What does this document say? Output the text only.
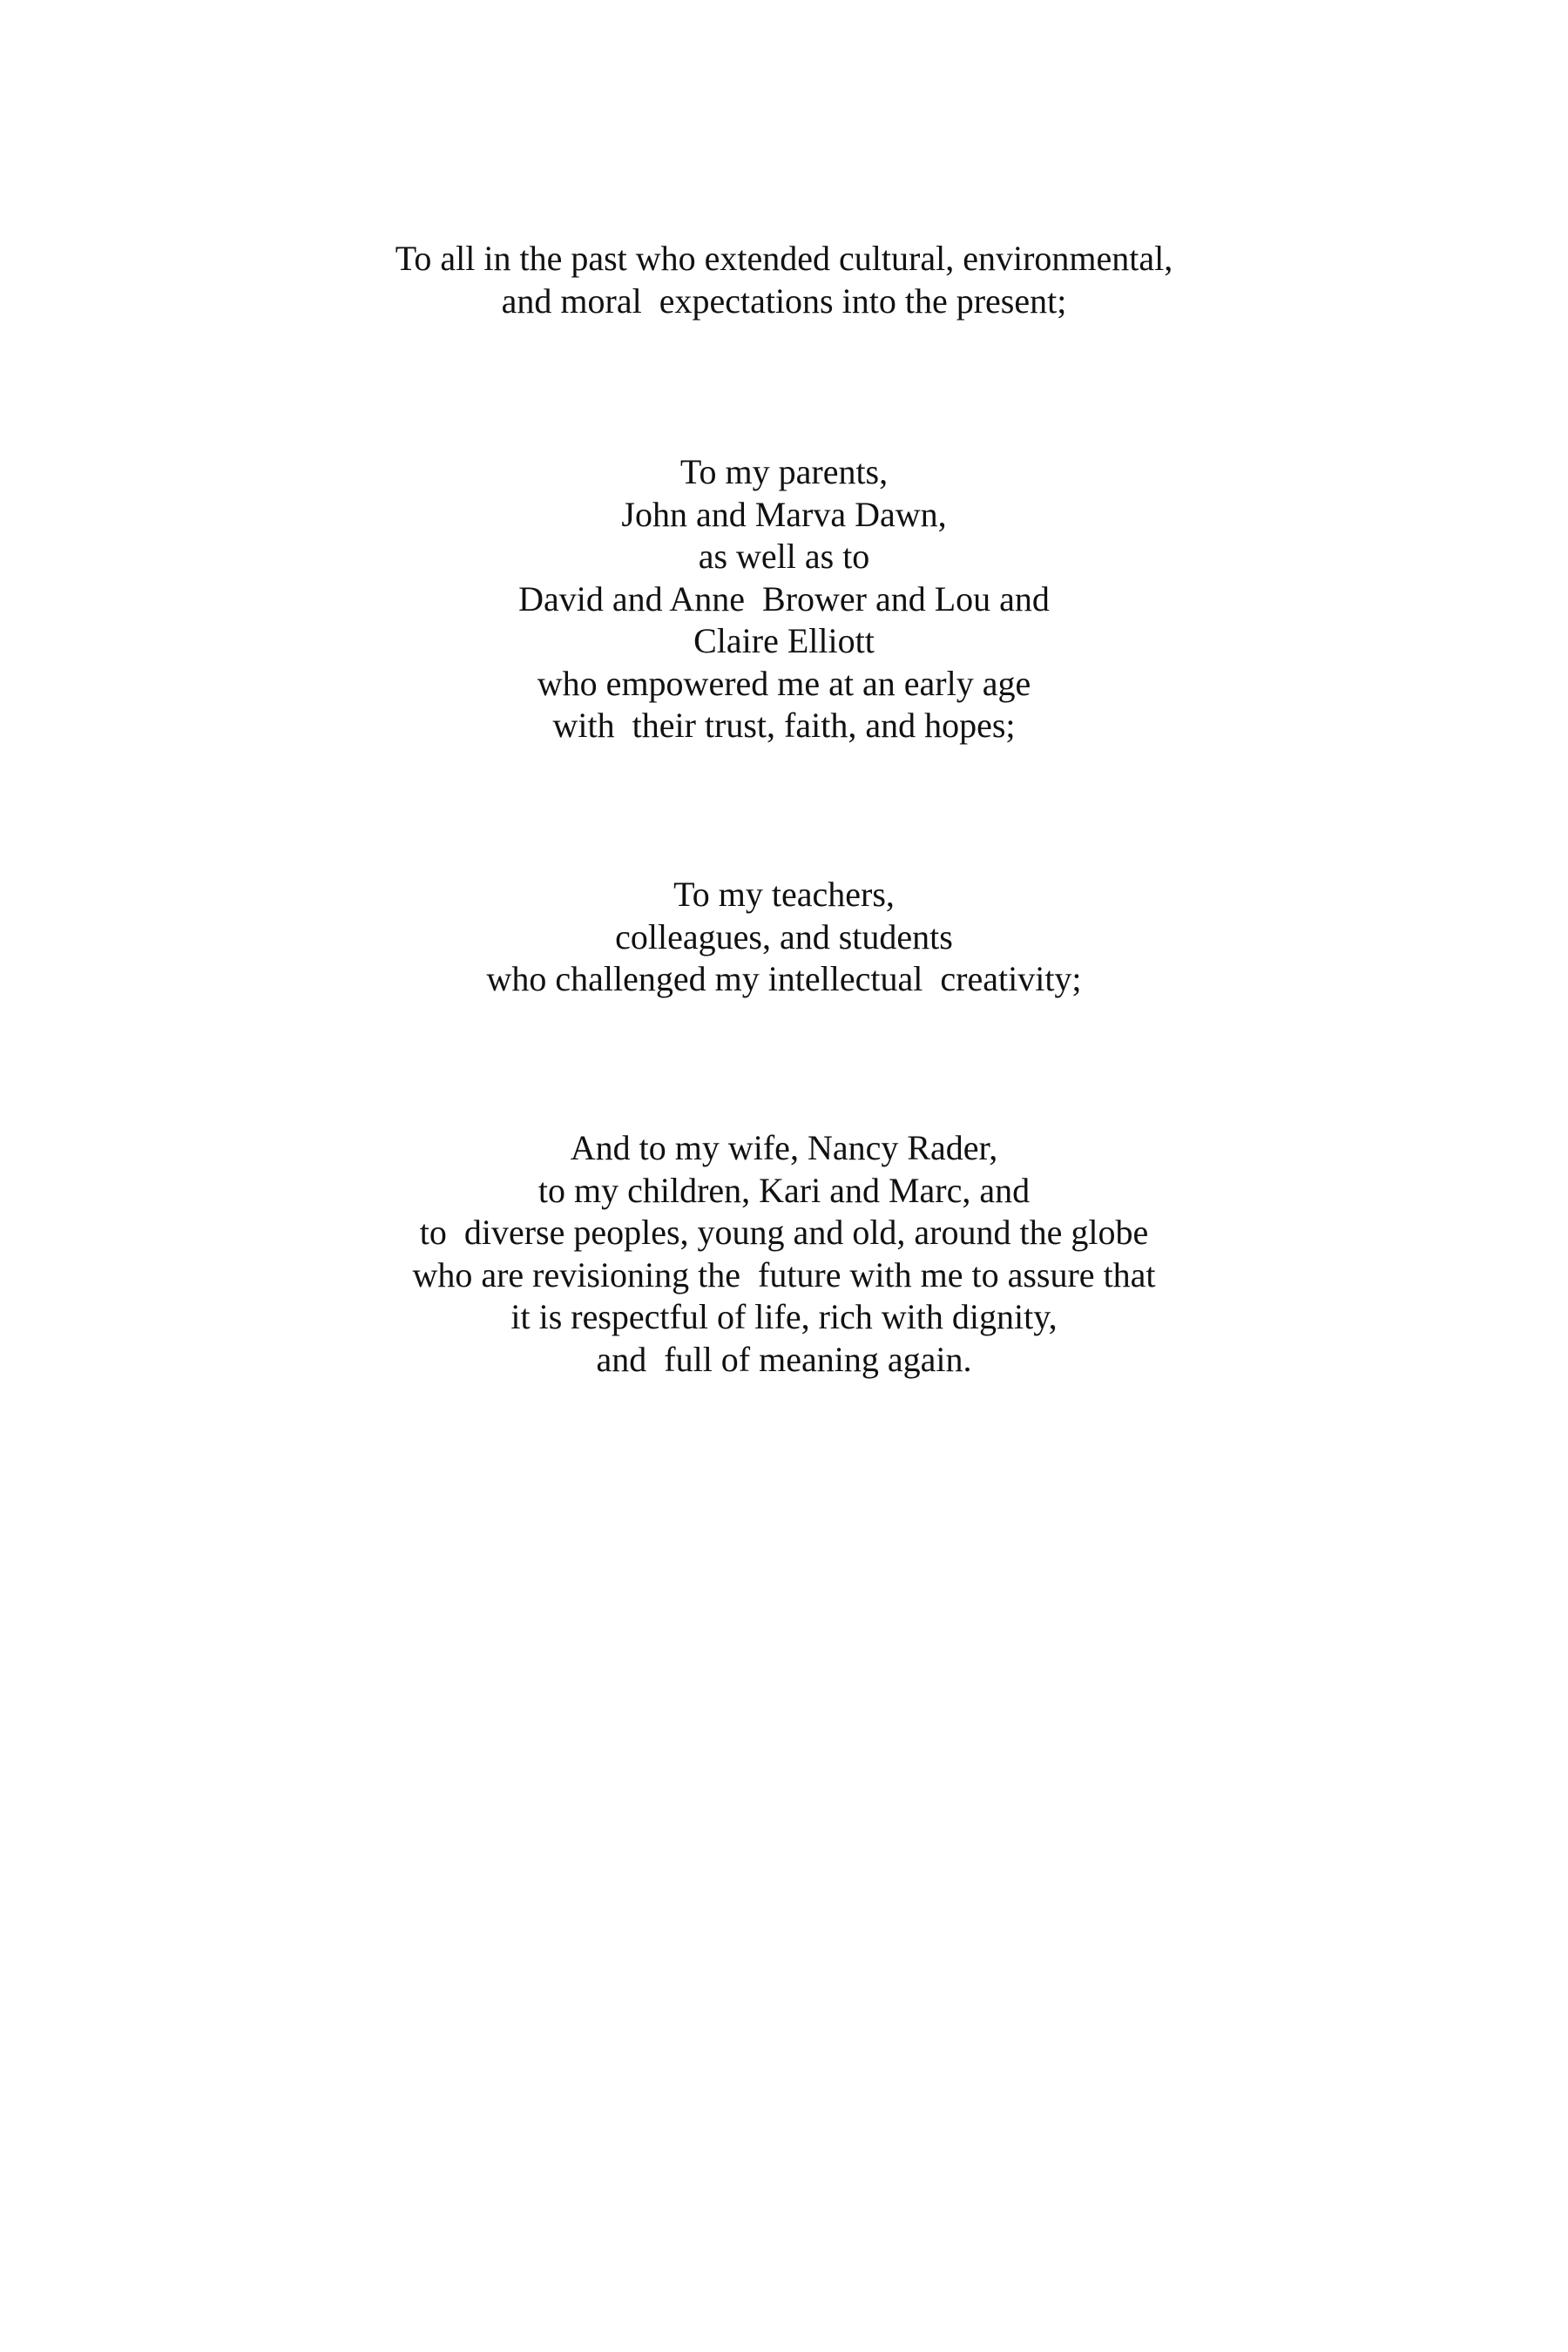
To all in the past who extended cultural, environmental,
and moral  expectations into the present;
To my parents,
John and Marva Dawn,
as well as to
David and Anne  Brower and Lou and
Claire Elliott
who empowered me at an early age
with  their trust, faith, and hopes;
To my teachers,
colleagues, and students
who challenged my intellectual  creativity;
And to my wife, Nancy Rader,
to my children, Kari and Marc, and
to  diverse peoples, young and old, around the globe
who are revisioning the  future with me to assure that
it is respectful of life, rich with dignity,
and  full of meaning again.
